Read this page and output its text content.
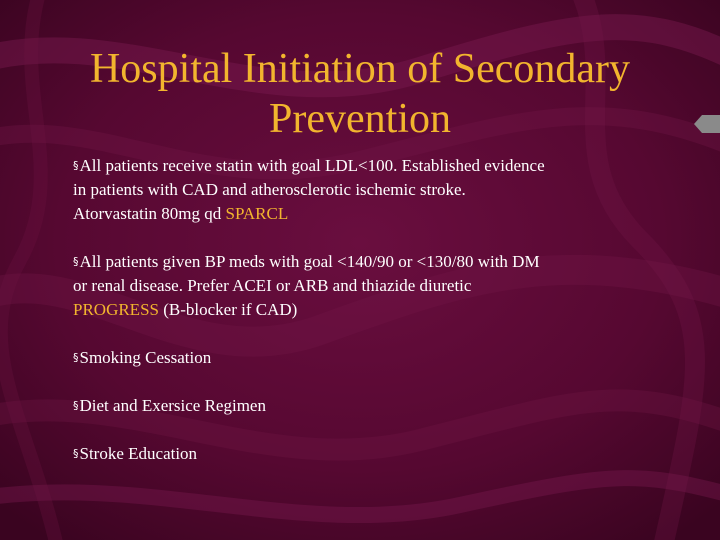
Hospital Initiation of Secondary
Prevention
§All patients receive statin with goal LDL<100. Established evidence
in patients with CAD and atherosclerotic ischemic stroke.
Atorvastatin 80mg qd SPARCL
§All patients given BP meds with goal <140/90 or <130/80 with DM
or renal disease. Prefer ACEI or ARB and thiazide diuretic
PROGRESS (B-blocker if CAD)
§Smoking Cessation
§Diet and Exersice Regimen
§Stroke Education
